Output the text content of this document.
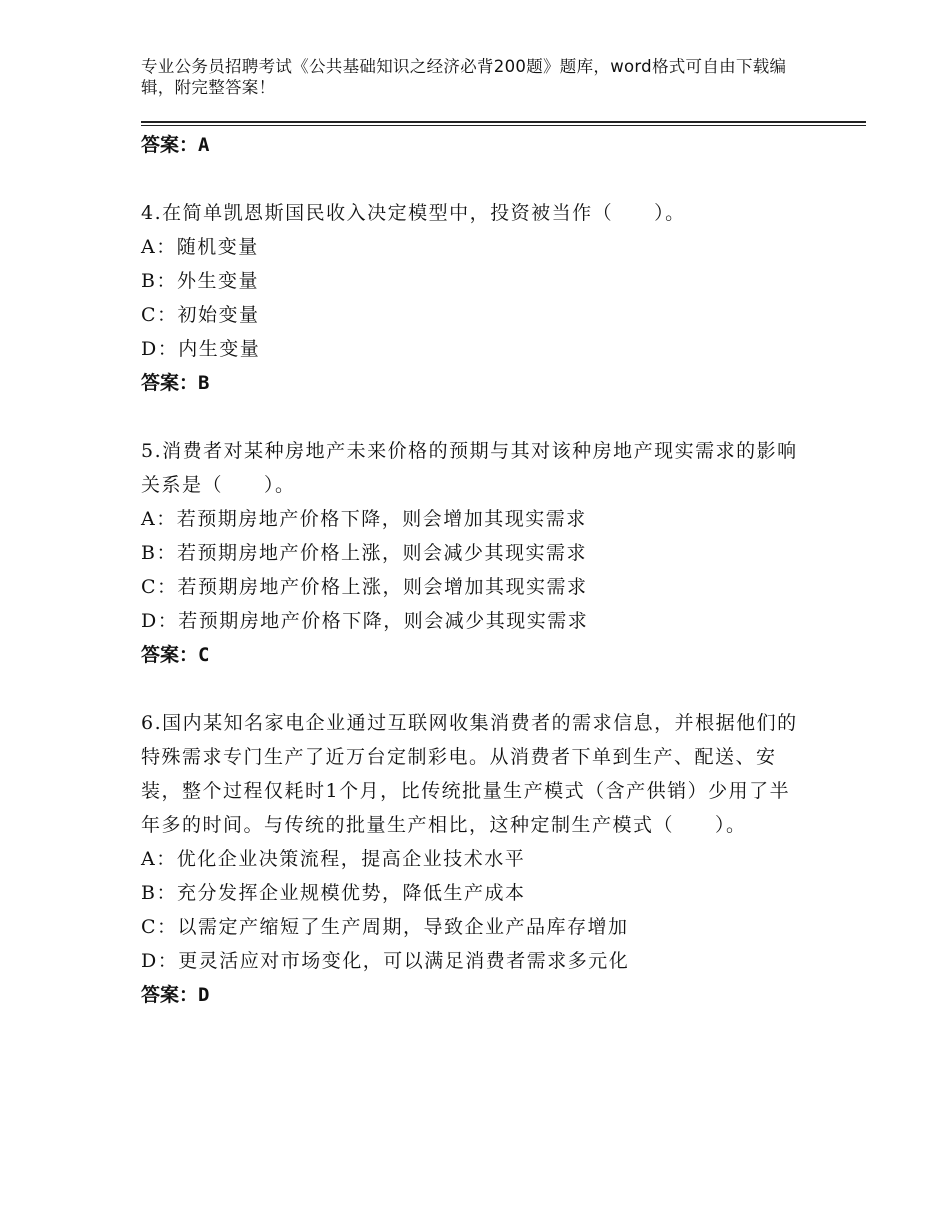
专业公务员招聘考试《公共基础知识之经济必背200题》题库，word格式可自由下载编辑，附完整答案！
答案：A
4.在简单凯恩斯国民收入决定模型中，投资被当作（　　）。
A：随机变量
B：外生变量
C：初始变量
D：内生变量
答案：B
5.消费者对某种房地产未来价格的预期与其对该种房地产现实需求的影响关系是（　　）。
A：若预期房地产价格下降，则会增加其现实需求
B：若预期房地产价格上涨，则会减少其现实需求
C：若预期房地产价格上涨，则会增加其现实需求
D：若预期房地产价格下降，则会减少其现实需求
答案：C
6.国内某知名家电企业通过互联网收集消费者的需求信息，并根据他们的特殊需求专门生产了近万台定制彩电。从消费者下单到生产、配送、安装，整个过程仅耗时1个月，比传统批量生产模式（含产供销）少用了半年多的时间。与传统的批量生产相比，这种定制生产模式（　　）。
A：优化企业决策流程，提高企业技术水平
B：充分发挥企业规模优势，降低生产成本
C：以需定产缩短了生产周期，导致企业产品库存增加
D：更灵活应对市场变化，可以满足消费者需求多元化
答案：D
